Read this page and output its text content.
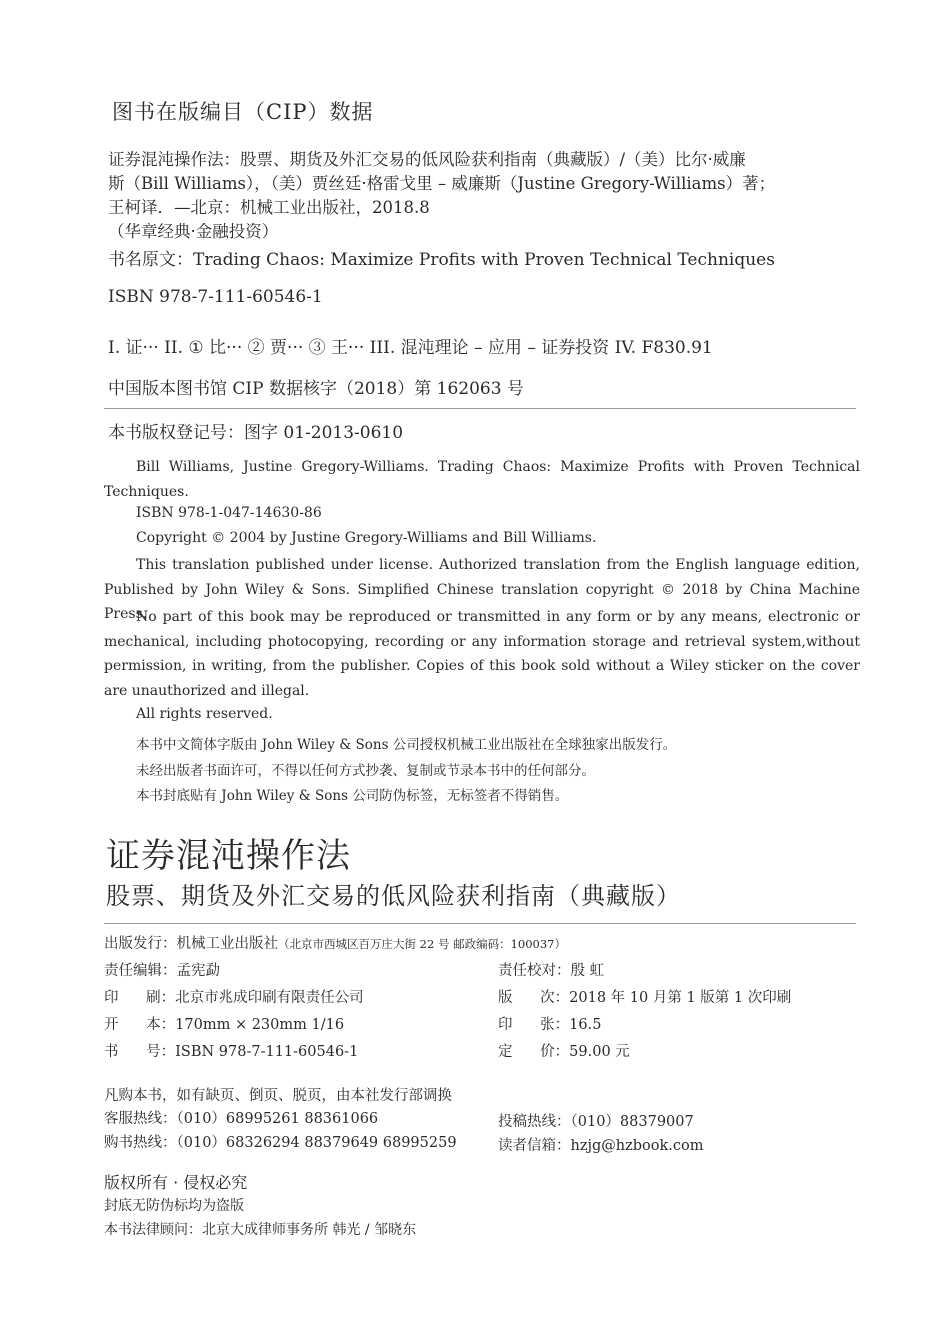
图书在版编目（CIP）数据
证券混沌操作法：股票、期货及外汇交易的低风险获利指南（典藏版）/（美）比尔·威廉
斯（Bill Williams），（美）贾丝廷·格雷戈里 – 威廉斯（Justine Gregory-Williams）著；
王柯译．—北京：机械工业出版社，2018.8
（华章经典·金融投资）
书名原文：Trading Chaos: Maximize Profits with Proven Technical Techniques
ISBN 978-7-111-60546-1
I. 证··· II. ① 比··· ② 贾··· ③ 王··· III. 混沌理论 – 应用 – 证券投资 IV. F830.91
中国版本图书馆 CIP 数据核字（2018）第 162063 号
本书版权登记号：图字 01-2013-0610
Bill Williams, Justine Gregory-Williams. Trading Chaos: Maximize Profits with Proven Technical Techniques.
ISBN 978-1-047-14630-86
Copyright © 2004 by Justine Gregory-Williams and Bill Williams.
This translation published under license. Authorized translation from the English language edition, Published by John Wiley & Sons. Simplified Chinese translation copyright © 2018 by China Machine Press.
No part of this book may be reproduced or transmitted in any form or by any means, electronic or mechanical, including photocopying, recording or any information storage and retrieval system,without permission, in writing, from the publisher. Copies of this book sold without a Wiley sticker on the cover are unauthorized and illegal.
All rights reserved.
本书中文简体字版由 John Wiley & Sons 公司授权机械工业出版社在全球独家出版发行。
未经出版者书面许可，不得以任何方式抄袭、复制或节录本书中的任何部分。
本书封底贴有 John Wiley & Sons 公司防伪标签，无标签者不得销售。
证券混沌操作法
股票、期货及外汇交易的低风险获利指南（典藏版）
出版发行：机械工业出版社（北京市西城区百万庄大街 22 号 邮政编码：100037）
责任编辑：孟宪勐	责任校对：殷 虹
印      刷：北京市兆成印刷有限责任公司	版      次：2018 年 10 月第 1 版第 1 次印刷
开      本：170mm × 230mm 1/16	印      张：16.5
书      号：ISBN 978-7-111-60546-1	定      价：59.00 元
凡购本书，如有缺页、倒页、脱页，由本社发行部调换
客服热线：（010）68995261 88361066
购书热线：（010）68326294 88379649 68995259
投稿热线：（010）88379007
读者信箱：hzjg@hzbook.com
版权所有 · 侵权必究
封底无防伪标均为盗版
本书法律顾问：北京大成律师事务所 韩光 / 邹晓东
